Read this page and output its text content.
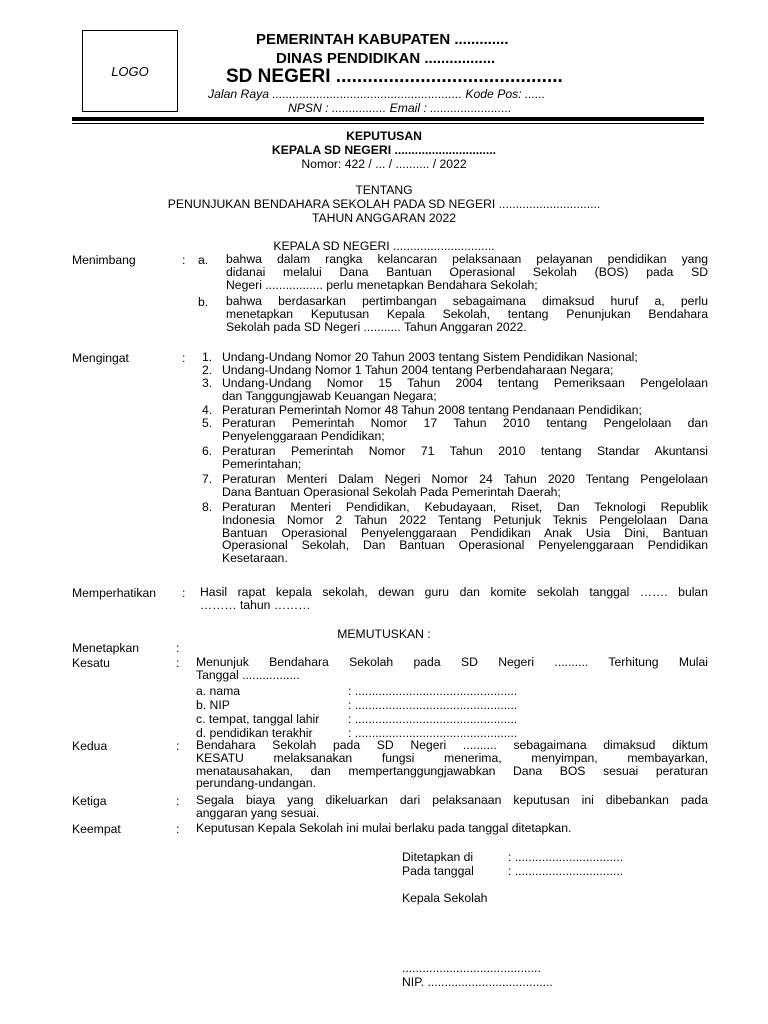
LOGO
PEMERINTAH KABUPATEN .............
DINAS PENDIDIKAN .................
SD NEGERI ...........................................
Jalan Raya ........................................................ Kode Pos: ......
NPSN : ................ Email : ........................
KEPUTUSAN
KEPALA SD NEGERI ..............................
Nomor: 422 / ... / .......... / 2022
TENTANG
PENUNJUKAN BENDAHARA SEKOLAH PADA SD NEGERI ..............................
TAHUN ANGGARAN 2022
KEPALA SD NEGERI ..............................
Menimbang	: a. bahwa dalam rangka kelancaran pelaksanaan pelayanan pendidikan yang
didanai melalui Dana Bantuan Operasional Sekolah (BOS) pada SD
Negeri ................. perlu menetapkan Bendahara Sekolah;
b. bahwa berdasarkan pertimbangan sebagaimana dimaksud huruf a, perlu
menetapkan Keputusan Kepala Sekolah, tentang Penunjukan Bendahara
Sekolah pada SD Negeri ........... Tahun Anggaran 2022.
Mengingat	: 1. Undang-Undang Nomor 20 Tahun 2003 tentang Sistem Pendidikan Nasional;
2. Undang-Undang Nomor 1 Tahun 2004 tentang Perbendaharaan Negara;
3. Undang-Undang Nomor 15 Tahun 2004 tentang Pemeriksaan Pengelolaan
dan Tanggungjawab Keuangan Negara;
4. Peraturan Pemerintah Nomor 48 Tahun 2008 tentang Pendanaan Pendidikan;
5. Peraturan Pemerintah Nomor 17 Tahun 2010 tentang Pengelolaan dan
Penyelenggaraan Pendidikan;
6. Peraturan Pemerintah Nomor 71 Tahun 2010 tentang Standar Akuntansi
Pemerintahan;
7. Peraturan Menteri Dalam Negeri Nomor 24 Tahun 2020 Tentang Pengelolaan
Dana Bantuan Operasional Sekolah Pada Pemerintah Daerah;
8. Peraturan Menteri Pendidikan, Kebudayaan, Riset, Dan Teknologi Republik
Indonesia Nomor 2 Tahun 2022 Tentang Petunjuk Teknis Pengelolaan Dana
Bantuan Operasional Penyelenggaraan Pendidikan Anak Usia Dini, Bantuan
Operasional Sekolah, Dan Bantuan Operasional Penyelenggaraan Pendidikan
Kesetaraan.
Memperhatikan : Hasil rapat kepala sekolah, dewan guru dan komite sekolah tanggal ……. bulan
……… tahun ………
MEMUTUSKAN :
Menetapkan	:
Kesatu	: Menunjuk Bendahara Sekolah pada SD Negeri .......... Terhitung Mulai
Tanggal .................
a. nama	: ................................................
b. NIP	: ................................................
c. tempat, tanggal lahir : ................................................
d. pendidikan terakhir	: ................................................
Kedua	: Bendahara Sekolah pada SD Negeri .......... sebagaimana dimaksud diktum
KESATU melaksanakan fungsi menerima, menyimpan, membayarkan,
menatausahakan, dan mempertanggungjawabkan Dana BOS sesuai peraturan
perundang-undangan.
Ketiga	: Segala biaya yang dikeluarkan dari pelaksanaan keputusan ini dibebankan pada
anggaran yang sesuai.
Keempat	: Keputusan Kepala Sekolah ini mulai berlaku pada tanggal ditetapkan.
Ditetapkan di	: ................................
Pada tanggal	: ................................
Kepala Sekolah
.........................................
NIP. .....................................
